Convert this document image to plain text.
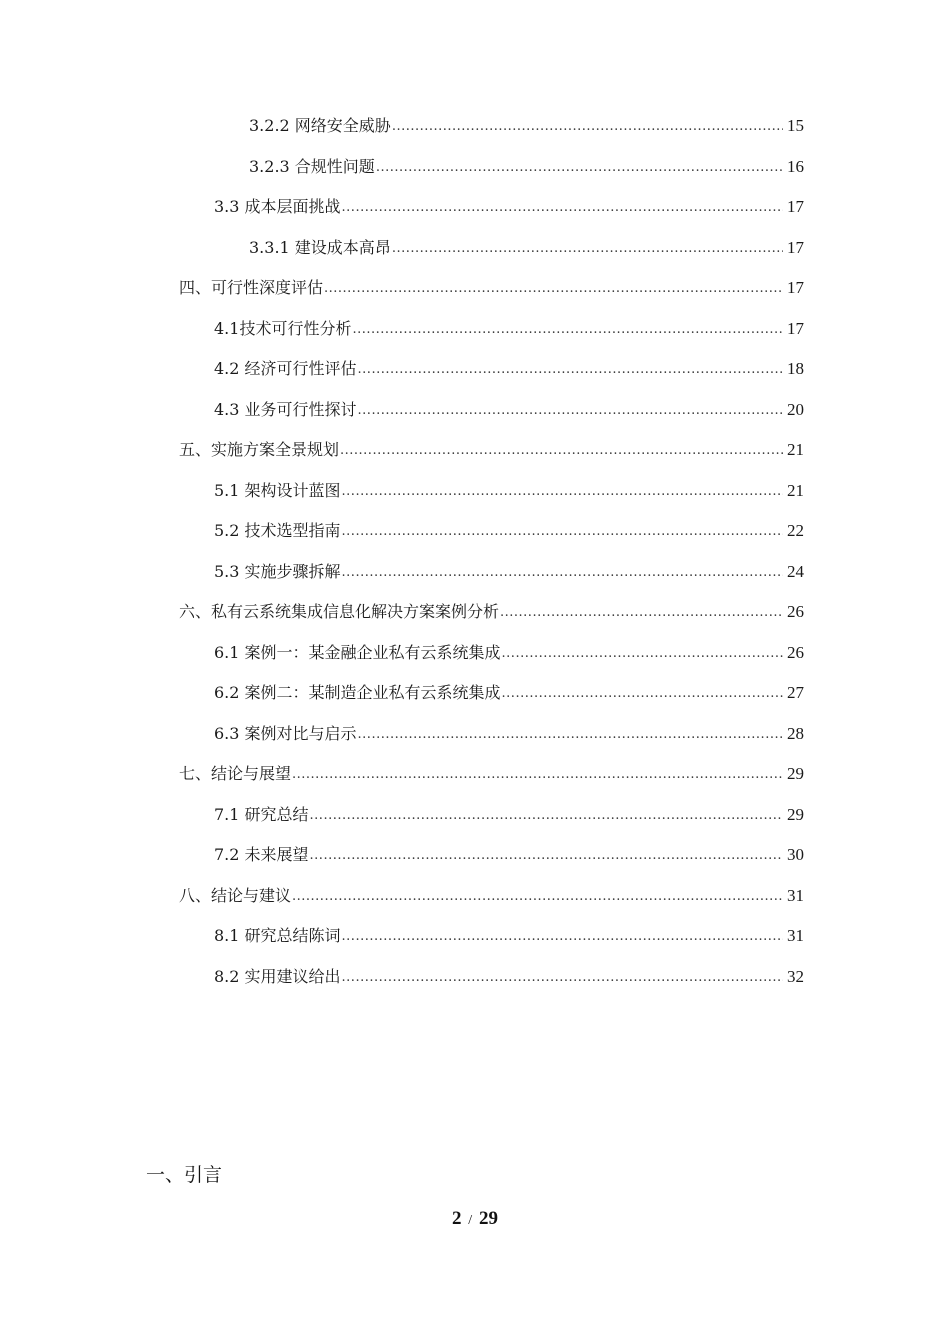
3.2.2 网络安全威胁 .....	15
3.2.3 合规性问题 .....	16
3.3 成本层面挑战 .....	17
3.3.1 建设成本高昂 .....	17
四、可行性深度评估 .....	17
4.1 技术可行性分析 .....	17
4.2 经济可行性评估 .....	18
4.3 业务可行性探讨 .....	20
五、实施方案全景规划 .....	21
5.1 架构设计蓝图 .....	21
5.2 技术选型指南 .....	22
5.3 实施步骤拆解 .....	24
六、私有云系统集成信息化解决方案案例分析 .....	26
6.1 案例一：某金融企业私有云系统集成 .....	26
6.2 案例二：某制造企业私有云系统集成 .....	27
6.3 案例对比与启示 .....	28
七、结论与展望 .....	29
7.1 研究总结 .....	29
7.2 未来展望 .....	30
八、结论与建议 .....	31
8.1 研究总结陈词 .....	31
8.2 实用建议给出 .....	32
一、引言
2 / 29
